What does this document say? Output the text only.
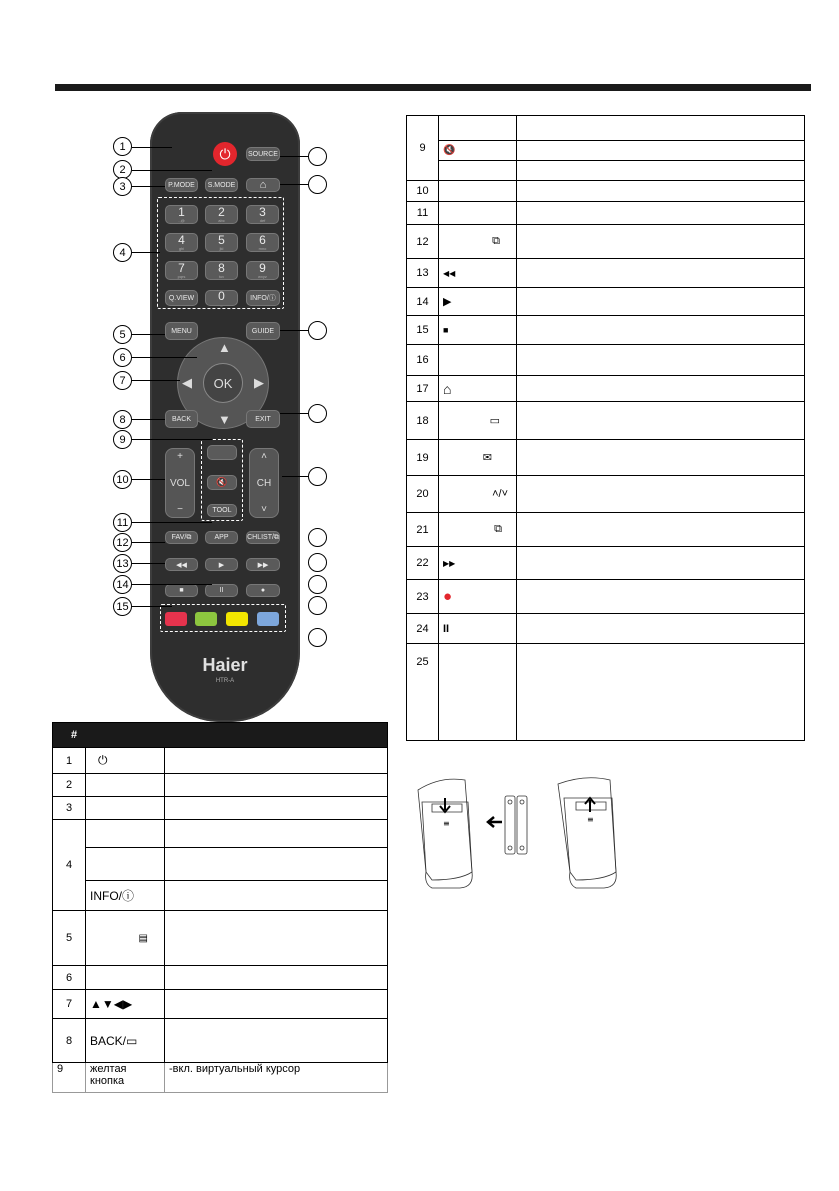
⏻	SOURCE
P.MODE	S.MODE	⌂
1
.,@
2
abc
3
def
4
ghi
5
jkl
6
mno
7
pqrs
8
tuv
9
wxyz
Q.VIEW	0
_
INFO/ⓘ
MENU	GUIDE
▲
▼
◀	▶
OK
BACK	EXIT
+
VOL
−
˄
CH
˅
🔇
TOOL
FAV/⧉	APP	CHLIST/⧉
◀◀	▶	▶▶
■	II	●
Haier
HTR-A
1
2
3
4
5
6
7
8
9
10
11
12
13
14
15
#		
1	⏻	
2		
3		
4		

	INFO/ⓘ	
5	▤	
6		
7	▲▼◀▶	
8	BACK/▭	
9	желтая кнопка	-вкл. виртуальный курсор
9		
	🔇	

10		
11		
12	⧉	
13	◀◀	
14	▶	
15	■	
16		
17	⌂	
18	▭	
19	✉	
20	˄/˅	
21	⧉	
22	▶▶	
23	●	
24	II	
25		
≡	≡
